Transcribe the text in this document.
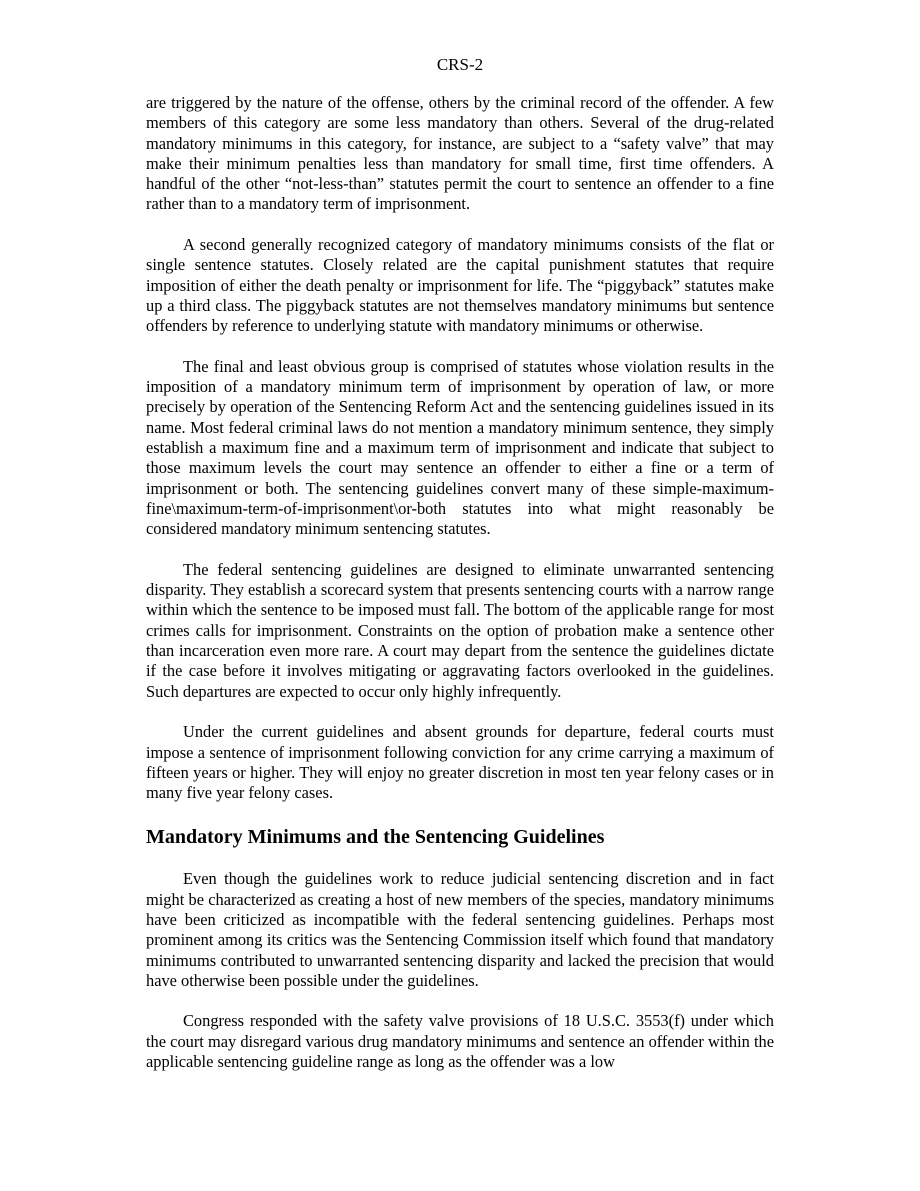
CRS-2

are triggered by the nature of the offense, others by the criminal record of the offender. A few members of this category are some less mandatory than others. Several of the drug-related mandatory minimums in this category, for instance, are subject to a “safety valve” that may make their minimum penalties less than mandatory for small time, first time offenders. A handful of the other “not-less-than” statutes permit the court to sentence an offender to a fine rather than to a mandatory term of imprisonment.

A second generally recognized category of mandatory minimums consists of the flat or single sentence statutes. Closely related are the capital punishment statutes that require imposition of either the death penalty or imprisonment for life. The “piggyback” statutes make up a third class. The piggyback statutes are not themselves mandatory minimums but sentence offenders by reference to underlying statute with mandatory minimums or otherwise.

The final and least obvious group is comprised of statutes whose violation results in the imposition of a mandatory minimum term of imprisonment by operation of law, or more precisely by operation of the Sentencing Reform Act and the sentencing guidelines issued in its name. Most federal criminal laws do not mention a mandatory minimum sentence, they simply establish a maximum fine and a maximum term of imprisonment and indicate that subject to those maximum levels the court may sentence an offender to either a fine or a term of imprisonment or both. The sentencing guidelines convert many of these simple-maximum-fine\maximum-term-of-imprisonment\or-both statutes into what might reasonably be considered mandatory minimum sentencing statutes.

The federal sentencing guidelines are designed to eliminate unwarranted sentencing disparity. They establish a scorecard system that presents sentencing courts with a narrow range within which the sentence to be imposed must fall. The bottom of the applicable range for most crimes calls for imprisonment. Constraints on the option of probation make a sentence other than incarceration even more rare. A court may depart from the sentence the guidelines dictate if the case before it involves mitigating or aggravating factors overlooked in the guidelines. Such departures are expected to occur only highly infrequently.

Under the current guidelines and absent grounds for departure, federal courts must impose a sentence of imprisonment following conviction for any crime carrying a maximum of fifteen years or higher. They will enjoy no greater discretion in most ten year felony cases or in many five year felony cases.

Mandatory Minimums and the Sentencing Guidelines

Even though the guidelines work to reduce judicial sentencing discretion and in fact might be characterized as creating a host of new members of the species, mandatory minimums have been criticized as incompatible with the federal sentencing guidelines. Perhaps most prominent among its critics was the Sentencing Commission itself which found that mandatory minimums contributed to unwarranted sentencing disparity and lacked the precision that would have otherwise been possible under the guidelines.

Congress responded with the safety valve provisions of 18 U.S.C. 3553(f) under which the court may disregard various drug mandatory minimums and sentence an offender within the applicable sentencing guideline range as long as the offender was a low
